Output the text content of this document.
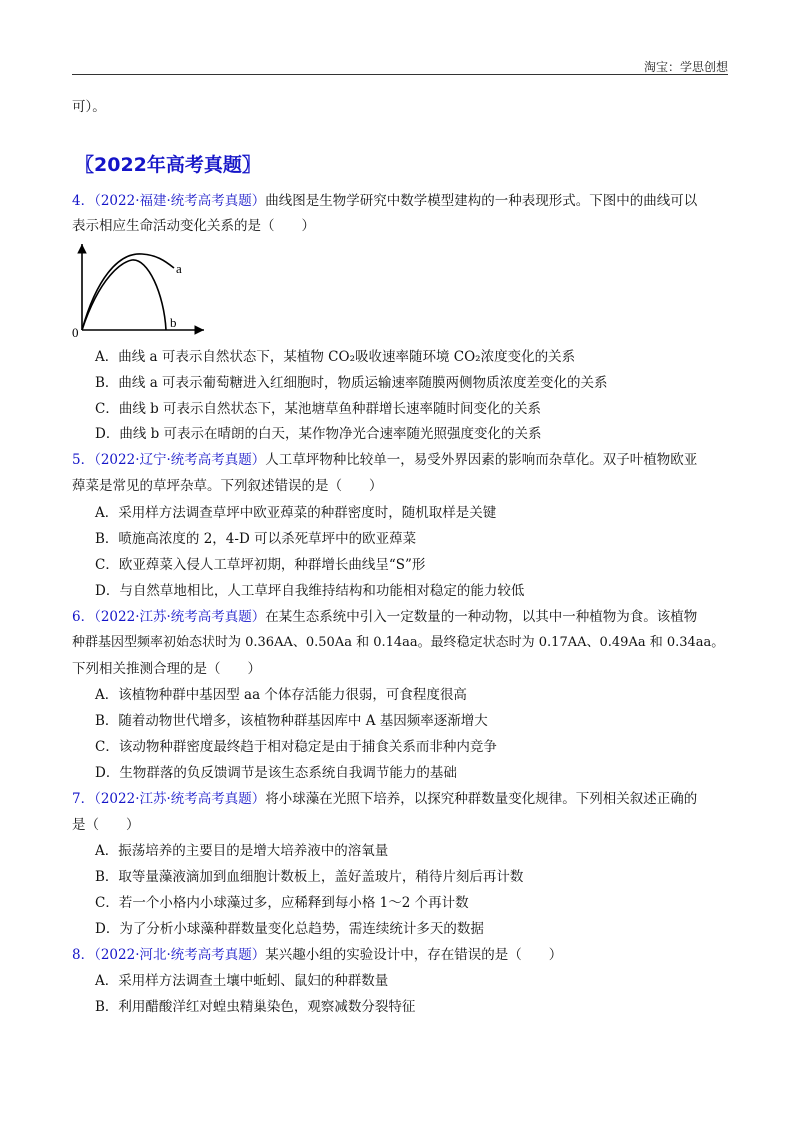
淘宝：学思创想
可）。
〖2022年高考真题〗
4．（2022·福建·统考高考真题）曲线图是生物学研究中数学模型建构的一种表现形式。下图中的曲线可以
表示相应生命活动变化关系的是（　　）
0
a
b
A．曲线 a 可表示自然状态下，某植物 CO₂吸收速率随环境 CO₂浓度变化的关系
B．曲线 a 可表示葡萄糖进入红细胞时，物质运输速率随膜两侧物质浓度差变化的关系
C．曲线 b 可表示自然状态下，某池塘草鱼种群增长速率随时间变化的关系
D．曲线 b 可表示在晴朗的白天，某作物净光合速率随光照强度变化的关系
5．（2022·辽宁·统考高考真题）人工草坪物种比较单一，易受外界因素的影响而杂草化。双子叶植物欧亚
蔊菜是常见的草坪杂草。下列叙述错误的是（　　）
A．采用样方法调查草坪中欧亚蔊菜的种群密度时，随机取样是关键
B．喷施高浓度的 2，4-D 可以杀死草坪中的欧亚蔊菜
C．欧亚蔊菜入侵人工草坪初期，种群增长曲线呈“S”形
D．与自然草地相比，人工草坪自我维持结构和功能相对稳定的能力较低
6．（2022·江苏·统考高考真题）在某生态系统中引入一定数量的一种动物，以其中一种植物为食。该植物
种群基因型频率初始态状时为 0.36AA、0.50Aa 和 0.14aa。最终稳定状态时为 0.17AA、0.49Aa 和 0.34aa。
下列相关推测合理的是（　　）
A．该植物种群中基因型 aa 个体存活能力很弱，可食程度很高
B．随着动物世代增多，该植物种群基因库中 A 基因频率逐渐增大
C．该动物种群密度最终趋于相对稳定是由于捕食关系而非种内竞争
D．生物群落的负反馈调节是该生态系统自我调节能力的基础
7．（2022·江苏·统考高考真题）将小球藻在光照下培养，以探究种群数量变化规律。下列相关叙述正确的
是（　　）
A．振荡培养的主要目的是增大培养液中的溶氧量
B．取等量藻液滴加到血细胞计数板上，盖好盖玻片，稍待片刻后再计数
C．若一个小格内小球藻过多，应稀释到每小格 1～2 个再计数
D．为了分析小球藻种群数量变化总趋势，需连续统计多天的数据
8．（2022·河北·统考高考真题）某兴趣小组的实验设计中，存在错误的是（　　）
A．采用样方法调查土壤中蚯蚓、鼠妇的种群数量
B．利用醋酸洋红对蝗虫精巢染色，观察减数分裂特征
